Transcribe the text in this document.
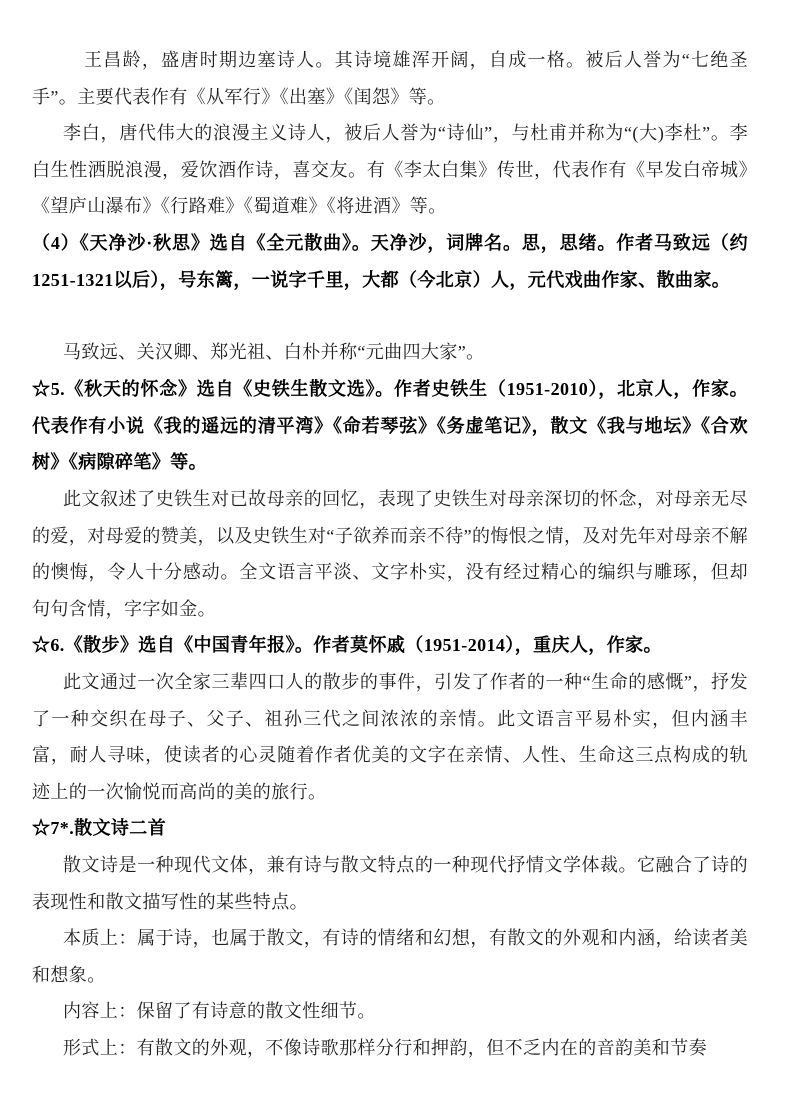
王昌龄，盛唐时期边塞诗人。其诗境雄浑开阔，自成一格。被后人誉为“七绝圣手”。主要代表作有《从军行》《出塞》《闺怨》等。

李白，唐代伟大的浪漫主义诗人，被后人誉为“诗仙”，与杜甫并称为“(大)李杜”。李白生性洒脱浪漫，爱饮酒作诗，喜交友。有《李太白集》传世，代表作有《早发白帝城》《望庐山瀑布》《行路难》《蜀道难》《将进酒》等。

（4）《天净沙·秋思》选自《全元散曲》。天净沙，词牌名。思，思绪。作者马致远（约1251-1321以后），号东篱，一说字千里，大都（今北京）人，元代戏曲作家、散曲家。

马致远、关汉卿、郑光祖、白朴并称“元曲四大家”。

☆5.《秋天的怀念》选自《史铁生散文选》。作者史铁生（1951-2010），北京人，作家。代表作有小说《我的遥远的清平湾》《命若琴弦》《务虚笔记》，散文《我与地坛》《合欢树》《病隙碎笔》等。

此文叙述了史铁生对已故母亲的回忆，表现了史铁生对母亲深切的怀念，对母亲无尽的爱，对母爱的赞美，以及史铁生对“子欲养而亲不待”的悔恨之情，及对先年对母亲不解的懊悔，令人十分感动。全文语言平淡、文字朴实，没有经过精心的编织与雕琢，但却句句含情，字字如金。

☆6.《散步》选自《中国青年报》。作者莫怀戚（1951-2014），重庆人，作家。

此文通过一次全家三辈四口人的散步的事件，引发了作者的一种“生命的感慨”，抒发了一种交织在母子、父子、祖孙三代之间浓浓的亲情。此文语言平易朴实，但内涵丰富，耐人寻味，使读者的心灵随着作者优美的文字在亲情、人性、生命这三点构成的轨迹上的一次愉悦而高尚的美的旅行。

☆7*.散文诗二首

散文诗是一种现代文体，兼有诗与散文特点的一种现代抒情文学体裁。它融合了诗的表现性和散文描写性的某些特点。

本质上：属于诗，也属于散文，有诗的情绪和幻想，有散文的外观和内涵，给读者美和想象。

内容上：保留了有诗意的散文性细节。

形式上：有散文的外观，不像诗歌那样分行和押韵，但不乏内在的音韵美和节奏
